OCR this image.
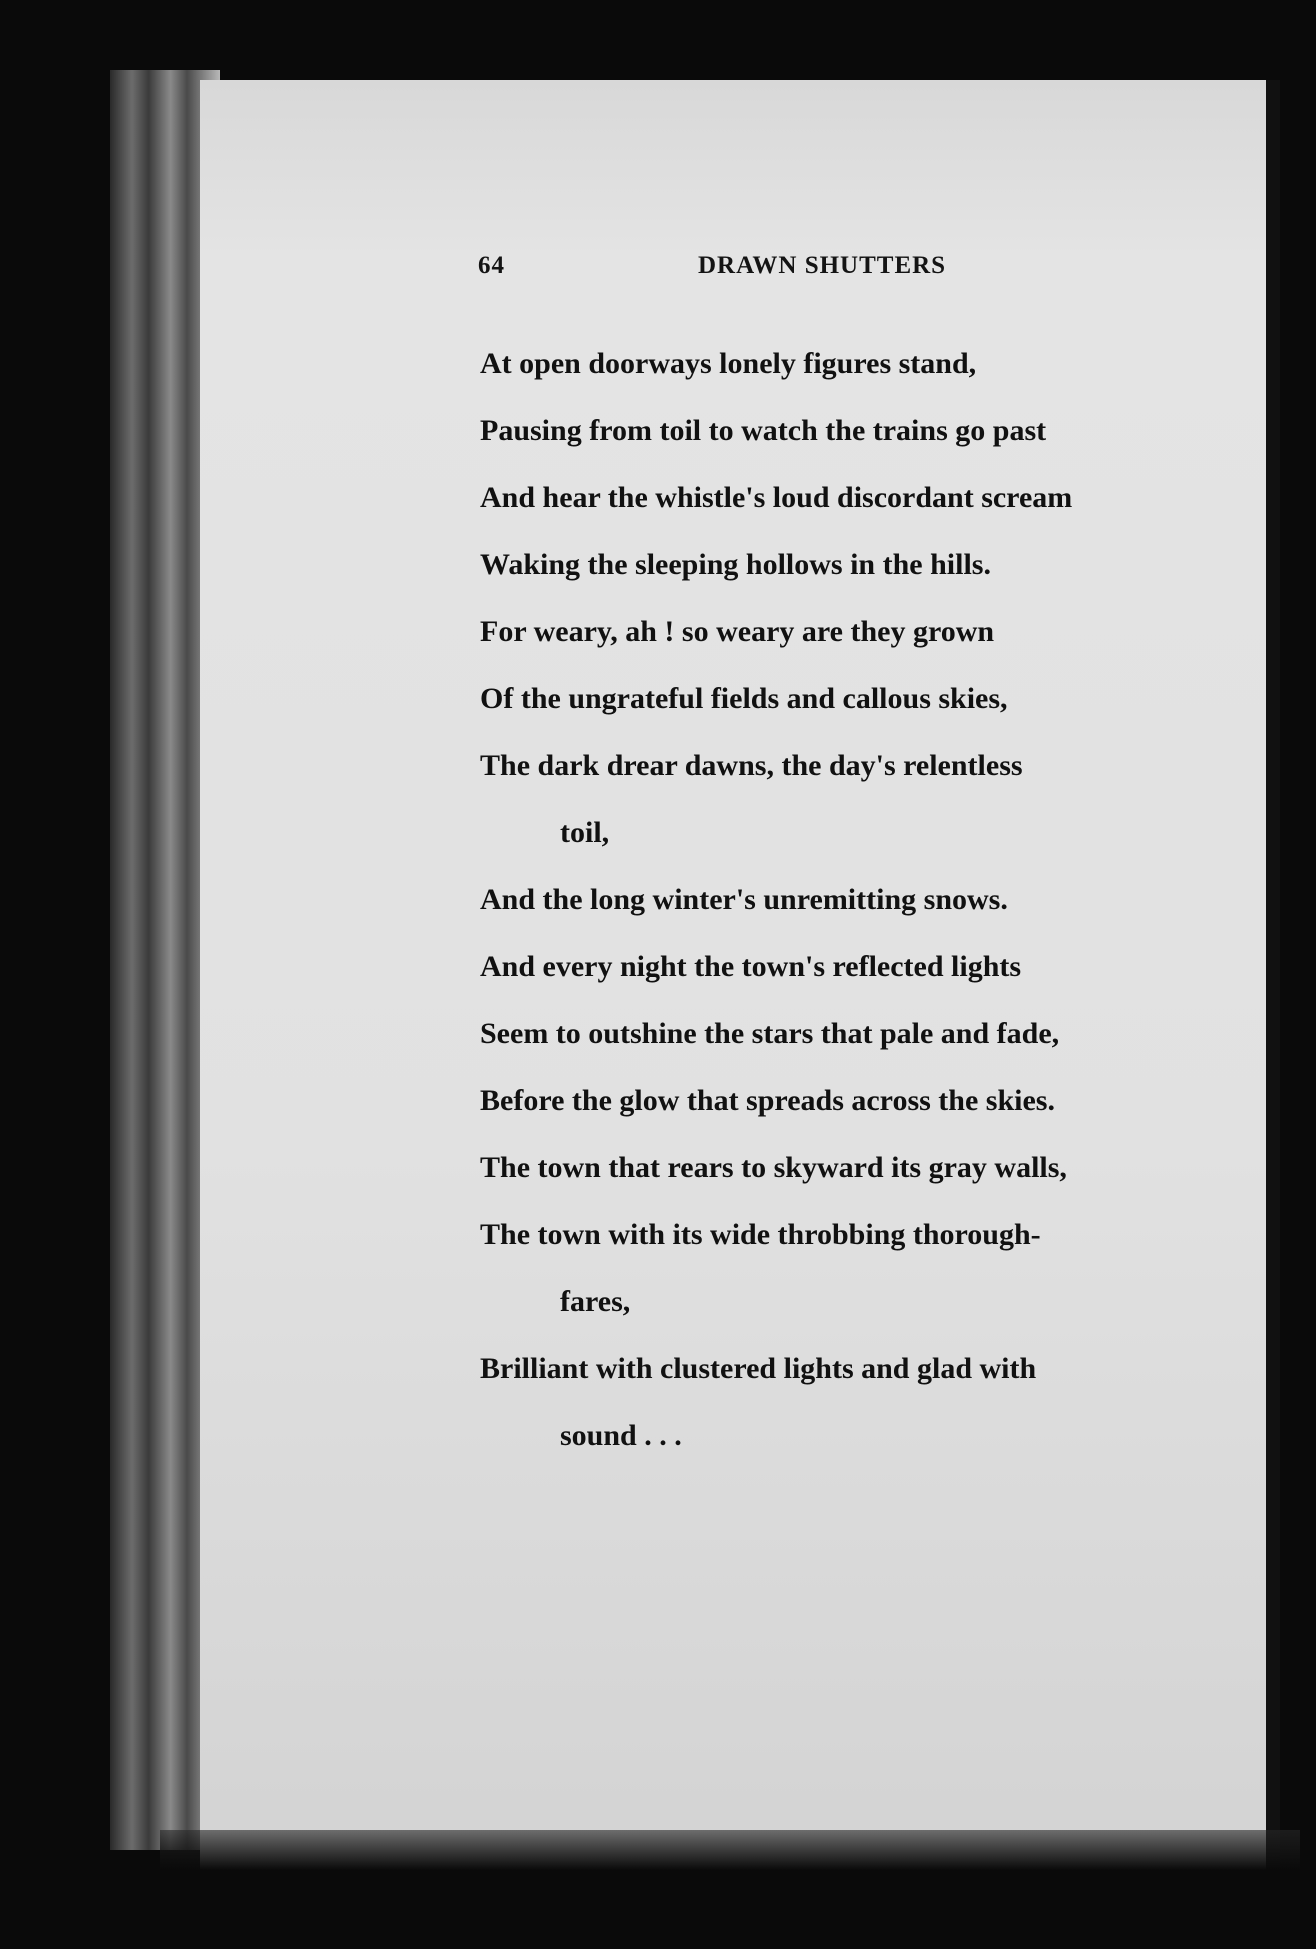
64	DRAWN SHUTTERS
At open doorways lonely figures stand,
Pausing from toil to watch the trains go past
And hear the whistle's loud discordant scream
Waking the sleeping hollows in the hills.
For weary, ah ! so weary are they grown
Of the ungrateful fields and callous skies,
The dark drear dawns, the day's relentless
toil,
And the long winter's unremitting snows.
And every night the town's reflected lights
Seem to outshine the stars that pale and fade,
Before the glow that spreads across the skies.
The town that rears to skyward its gray walls,
The town with its wide throbbing thorough-
fares,
Brilliant with clustered lights and glad with
sound . . .
